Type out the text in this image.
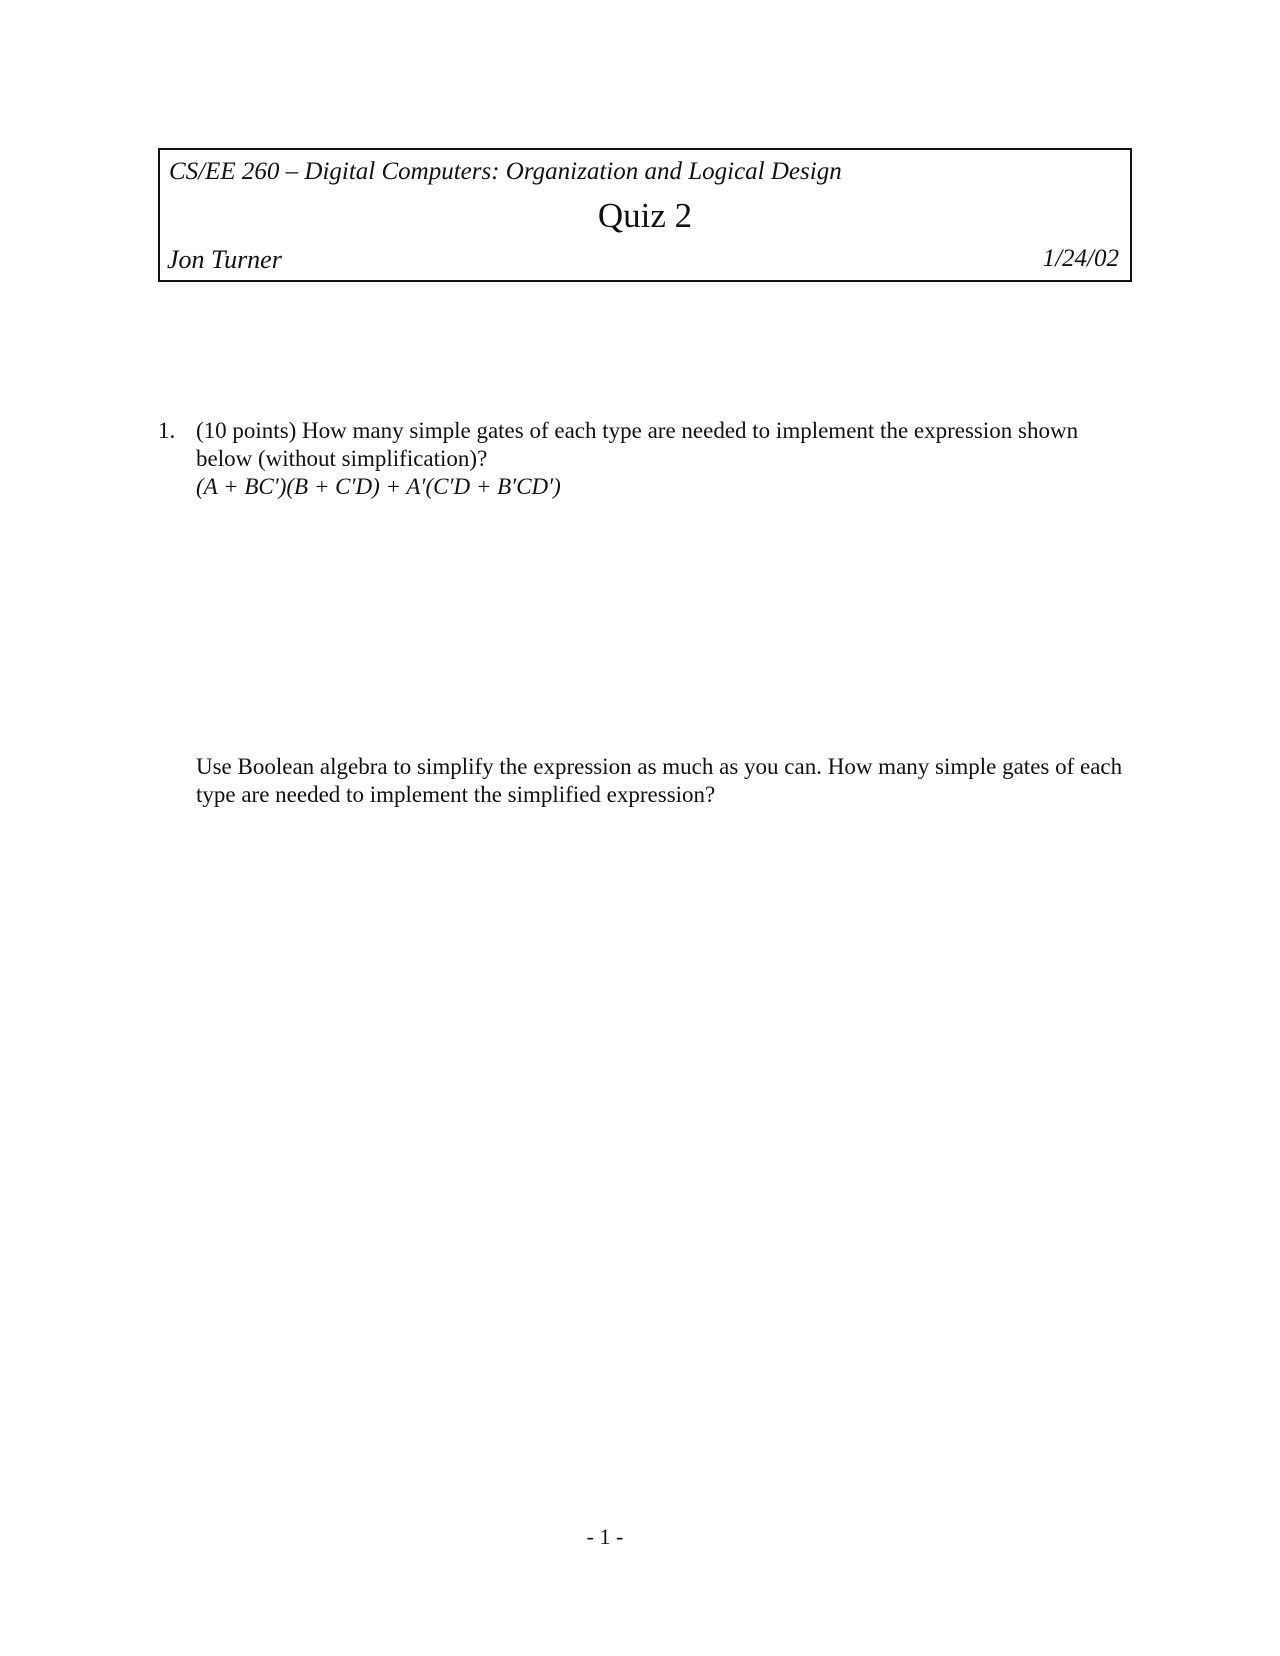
CS/EE 260 – Digital Computers: Organization and Logical Design
Quiz 2
Jon Turner	1/24/02
1. (10 points) How many simple gates of each type are needed to implement the expression shown below (without simplification)?
(A + BC′)(B + C′D) + A′(C′D + B′CD′)
Use Boolean algebra to simplify the expression as much as you can. How many simple gates of each type are needed to implement the simplified expression?
- 1 -
